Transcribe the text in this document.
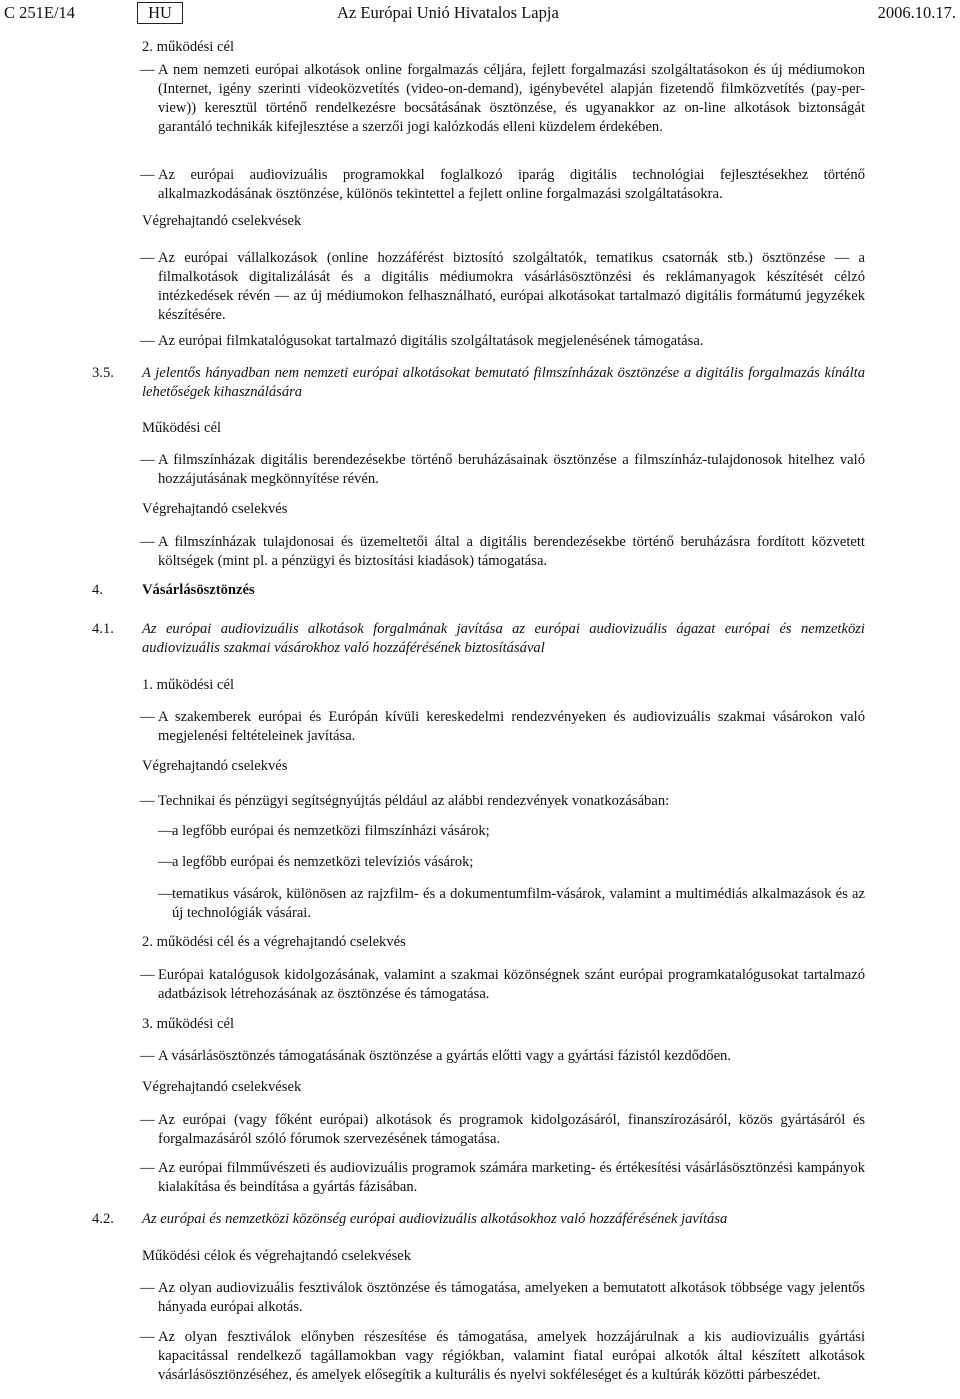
C 251E/14	HU	Az Európai Unió Hivatalos Lapja	2006.10.17.
2. működési cél
— A nem nemzeti európai alkotások online forgalmazás céljára, fejlett forgalmazási szolgáltatásokon és új médiumokon (Internet, igény szerinti videoközvetítés (video-on-demand), igénybevétel alapján fizetendő filmközvetítés (pay-per-view)) keresztül történő rendelkezésre bocsátásának ösztönzése, és ugyanakkor az on-line alkotások biztonságát garantáló technikák kifejlesztése a szerzői jogi kalózkodás elleni küzdelem érdekében.
— Az európai audiovizuális programokkal foglalkozó iparág digitális technológiai fejlesztésekhez történő alkalmazkodásának ösztönzése, különös tekintettel a fejlett online forgalmazási szolgáltatásokra.
Végrehajtandó cselekvések
— Az európai vállalkozások (online hozzáférést biztosító szolgáltatók, tematikus csatornák stb.) ösztönzése — a filmalkotások digitalizálását és a digitális médiumokra vásárlásösztönzési és reklámanyagok készítését célzó intézkedések révén — az új médiumokon felhasználható, európai alkotásokat tartalmazó digitális formátumú jegyzékek készítésére.
— Az európai filmkatalógusokat tartalmazó digitális szolgáltatások megjelenésének támogatása.
3.5. A jelentős hányadban nem nemzeti európai alkotásokat bemutató filmszínházak ösztönzése a digitális forgalmazás kínálta lehetőségek kihasználására
Működési cél
— A filmszínházak digitális berendezésekbe történő beruházásainak ösztönzése a filmszínház-tulajdonosok hitelhez való hozzájutásának megkönnyítése révén.
Végrehajtandó cselekvés
— A filmszínházak tulajdonosai és üzemeltetői által a digitális berendezésekbe történő beruházásra fordított közvetett költségek (mint pl. a pénzügyi és biztosítási kiadások) támogatása.
4.	Vásárlásösztönzés
4.1. Az európai audiovizuális alkotások forgalmának javítása az európai audiovizuális ágazat európai és nemzetközi audiovizuális szakmai vásárokhoz való hozzáférésének biztosításával
1. működési cél
— A szakemberek európai és Európán kívüli kereskedelmi rendezvényeken és audiovizuális szakmai vásárokon való megjelenési feltételeinek javítása.
Végrehajtandó cselekvés
— Technikai és pénzügyi segítségnyújtás például az alábbi rendezvények vonatkozásában:
— a legfőbb európai és nemzetközi filmszínházi vásárok;
— a legfőbb európai és nemzetközi televíziós vásárok;
— tematikus vásárok, különösen az rajzfilm- és a dokumentumfilm-vásárok, valamint a multimédiás alkalmazások és az új technológiák vásárai.
2. működési cél és a végrehajtandó cselekvés
— Európai katalógusok kidolgozásának, valamint a szakmai közönségnek szánt európai programkatalógusokat tartalmazó adatbázisok létrehozásának az ösztönzése és támogatása.
3. működési cél
— A vásárlásösztönzés támogatásának ösztönzése a gyártás előtti vagy a gyártási fázistól kezdődően.
Végrehajtandó cselekvések
— Az európai (vagy főként európai) alkotások és programok kidolgozásáról, finanszírozásáról, közös gyártásáról és forgalmazásáról szóló fórumok szervezésének támogatása.
— Az európai filmművészeti és audiovizuális programok számára marketing- és értékesítési vásárlásösztönzési kampányok kialakítása és beindítása a gyártás fázisában.
4.2. Az európai és nemzetközi közönség európai audiovizuális alkotásokhoz való hozzáférésének javítása
Működési célok és végrehajtandó cselekvések
— Az olyan audiovizuális fesztiválok ösztönzése és támogatása, amelyeken a bemutatott alkotások többsége vagy jelentős hányada európai alkotás.
— Az olyan fesztiválok előnyben részesítése és támogatása, amelyek hozzájárulnak a kis audiovizuális gyártási kapacitással rendelkező tagállamokban vagy régiókban, valamint fiatal európai alkotók által készített alkotások vásárlásösztönzéséhez, és amelyek elősegítik a kulturális és nyelvi sokféleséget és a kultúrák közötti párbeszédet.
